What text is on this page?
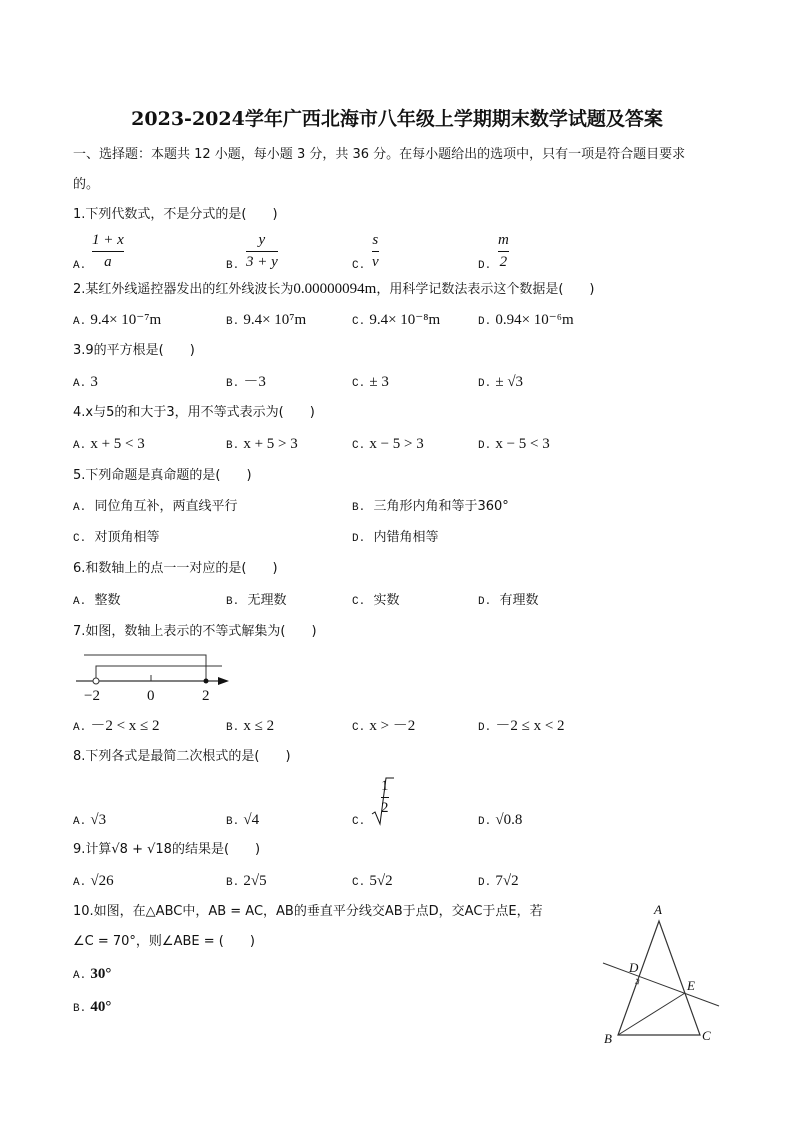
2023-2024学年广西北海市八年级上学期期末数学试题及答案
一、选择题：本题共 12 小题，每小题 3 分，共 36 分。在每小题给出的选项中，只有一项是符合题目要求
的。
1.下列代数式，不是分式的是(　　)
A.
1 + x
a	B.
y
3 + y	C.
s
v	D.
m
2
2.某红外线遥控器发出的红外线波长为0.00000094m，用科学记数法表示这个数据是(　　)
A. 9.4× 10⁻⁷m	B. 9.4× 10⁷m	C. 9.4× 10⁻⁸m	D. 0.94× 10⁻⁶m
3.9的平方根是(　　)
A. 3	B. －3	C. ± 3	D. ± √3
4.x与5的和大于3，用不等式表示为(　　)
A. x + 5 < 3	B. x + 5 > 3	C. x − 5 > 3	D. x − 5 < 3
5.下列命题是真命题的是(　　)
A. 同位角互补，两直线平行	B. 三角形内角和等于360°
C. 对顶角相等	D. 内错角相等
6.和数轴上的点一一对应的是(　　)
A. 整数	B. 无理数	C. 实数	D. 有理数
7.如图，数轴上表示的不等式解集为(　　)
−2	0	2
A. －2 < x ≤ 2	B. x ≤ 2	C. x > －2	D. －2 ≤ x < 2
8.下列各式是最简二次根式的是(　　)
A. √3	B. √4	C.
1
2
D. √0.8
9.计算√8 + √18的结果是(　　)
A. √26	B. 2√5	C. 5√2	D. 7√2
10.如图，在△ABC中，AB = AC，AB的垂直平分线交AB于点D，交AC于点E，若
∠C = 70°，则∠ABE = (　　)
A. 30°
B. 40°
A
B	C
D
E
